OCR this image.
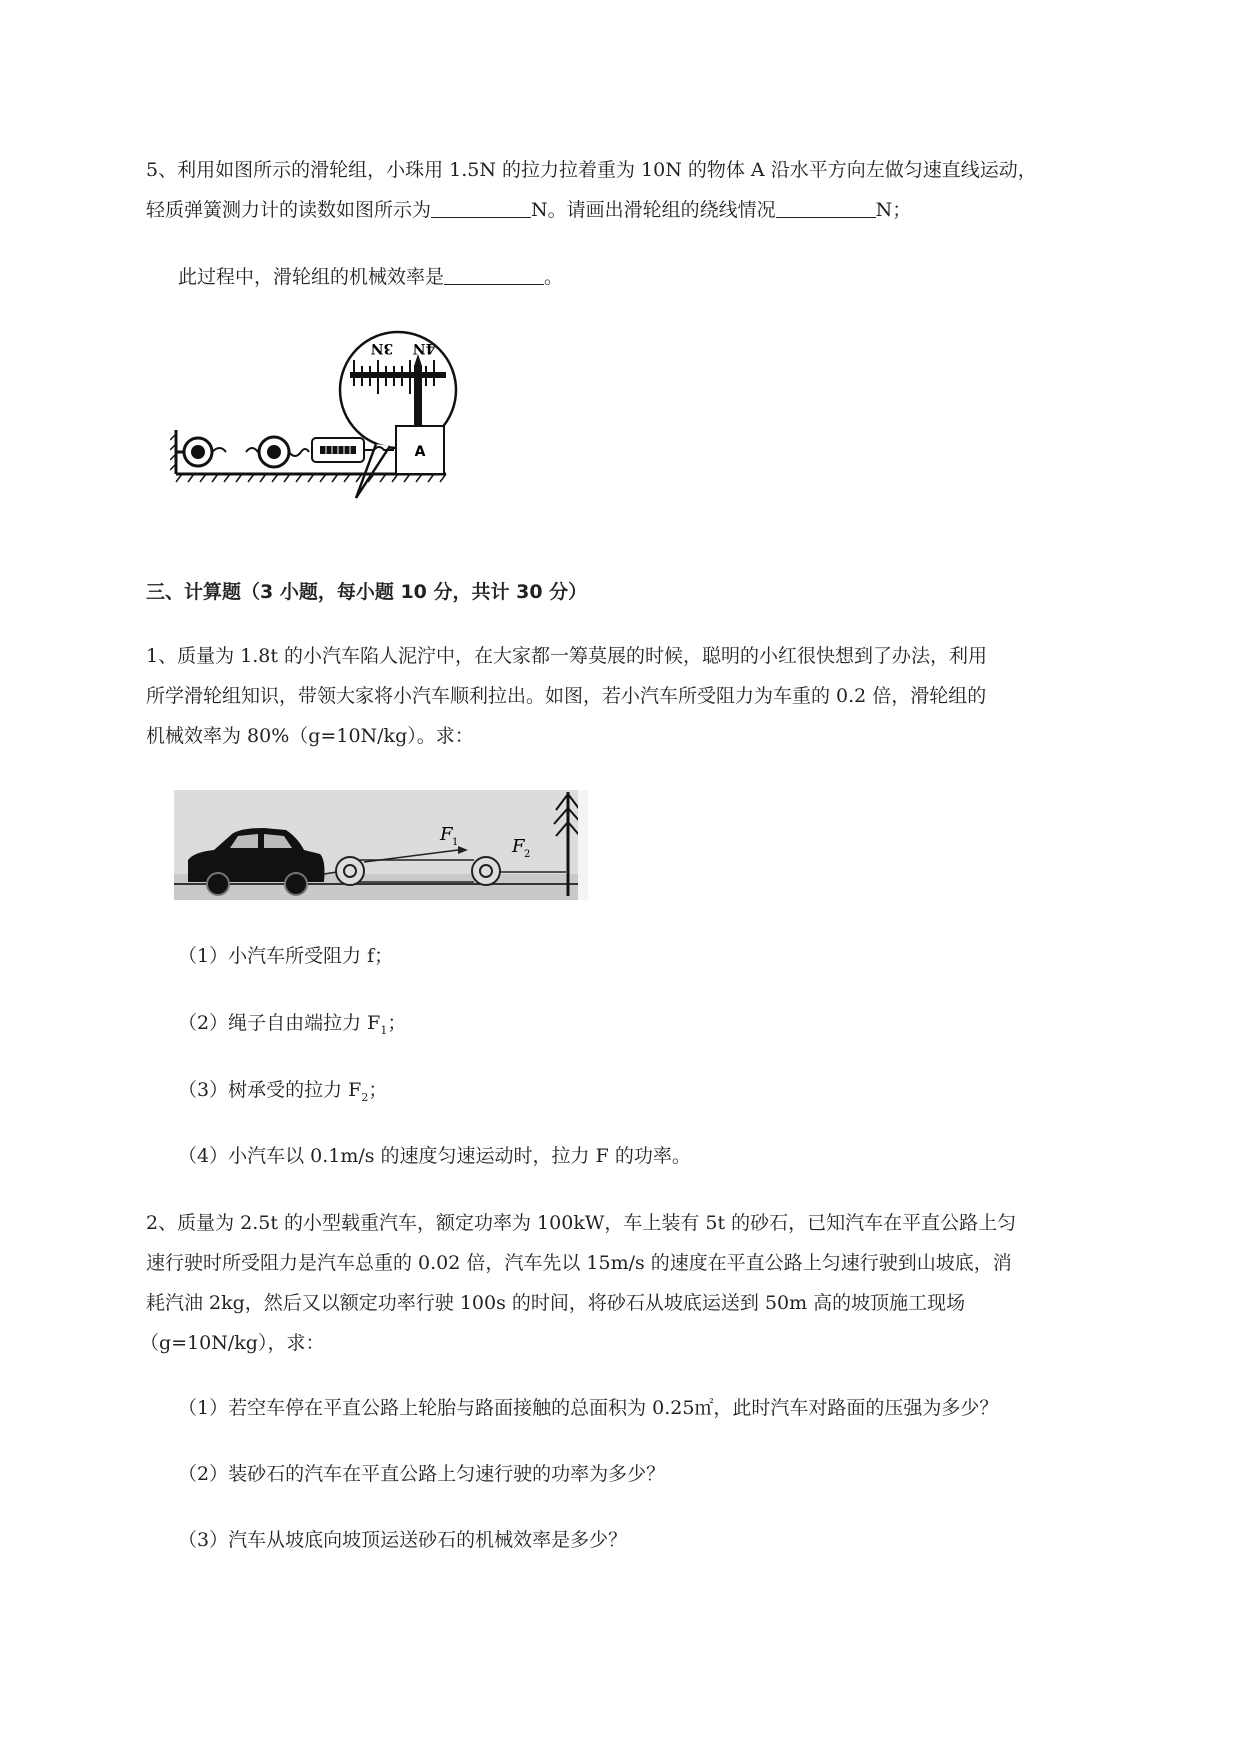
5、利用如图所示的滑轮组，小珠用 1.5N 的拉力拉着重为 10N 的物体 A 沿水平方向左做匀速直线运动，
轻质弹簧测力计的读数如图所示为	N。请画出滑轮组的绕线情况	N；
此过程中，滑轮组的机械效率是	。
3N 4N
A
三、计算题（3 小题，每小题 10 分，共计 30 分）
1、质量为 1.8t 的小汽车陷人泥泞中，在大家都一筹莫展的时候，聪明的小红很快想到了办法，利用
所学滑轮组知识，带领大家将小汽车顺利拉出。如图，若小汽车所受阻力为车重的 0.2 倍，滑轮组的
机械效率为 80%（g=10N/kg）。求：
F 1	F 2
（1）小汽车所受阻力 f；
（2）绳子自由端拉力 $F_1$；
（3）树承受的拉力 $F_2$；
（4）小汽车以 0.1m/s 的速度匀速运动时，拉力 F 的功率。
2、质量为 2.5t 的小型载重汽车，额定功率为 100kW，车上装有 5t 的砂石，已知汽车在平直公路上匀
速行驶时所受阻力是汽车总重的 0.02 倍，汽车先以 15m/s 的速度在平直公路上匀速行驶到山坡底，消
耗汽油 2kg，然后又以额定功率行驶 100s 的时间，将砂石从坡底运送到 50m 高的坡顶施工现场
（g=10N/kg），求：
（1）若空车停在平直公路上轮胎与路面接触的总面积为 0.25㎡，此时汽车对路面的压强为多少？
（2）装砂石的汽车在平直公路上匀速行驶的功率为多少？
（3）汽车从坡底向坡顶运送砂石的机械效率是多少？
